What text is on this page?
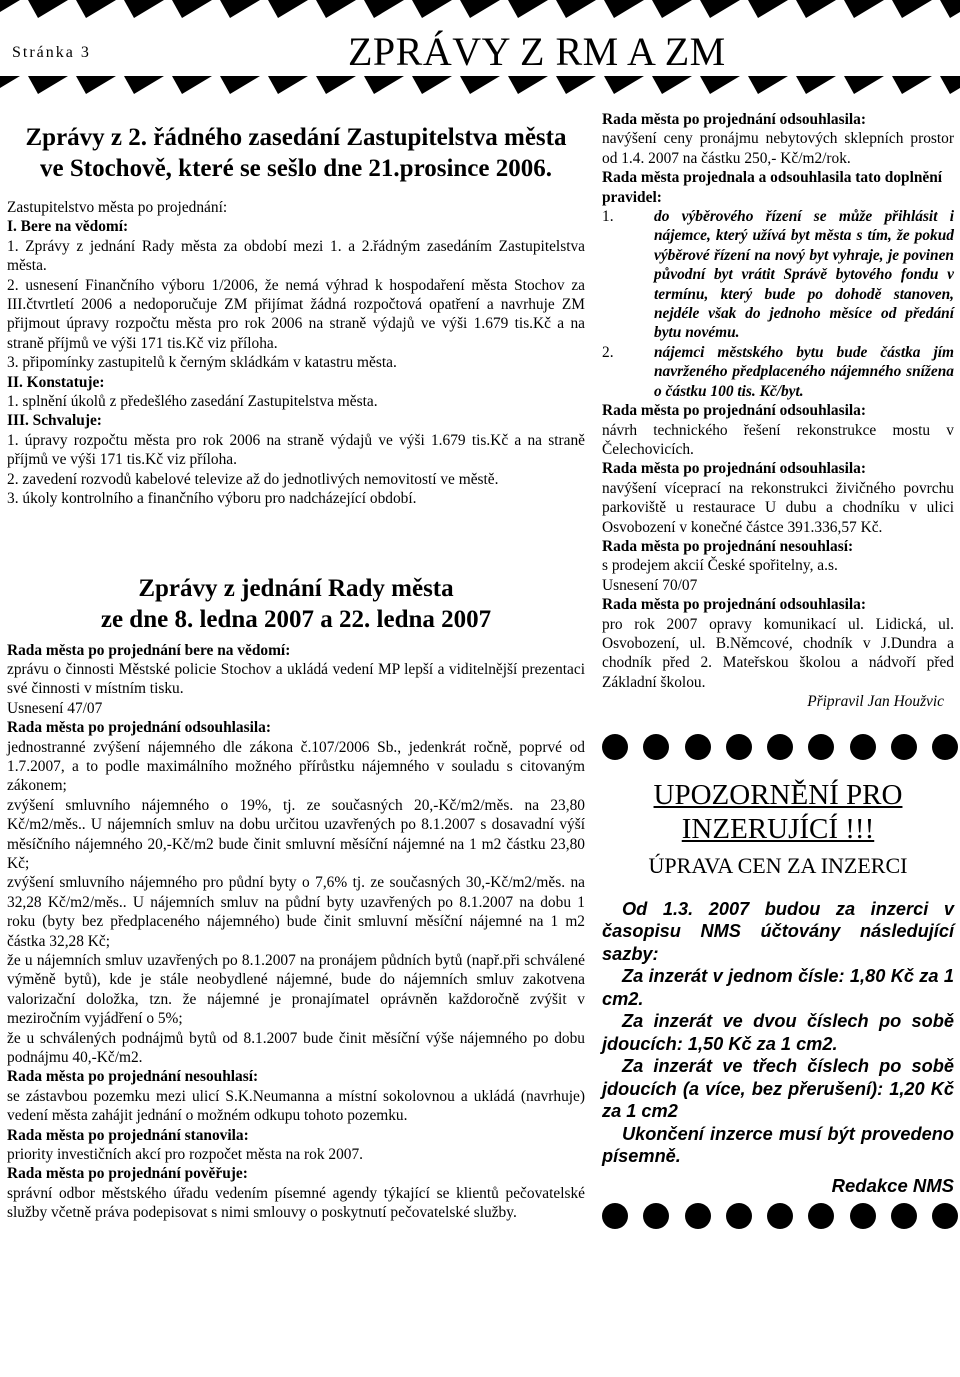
Stránka 3	ZPRÁVY Z RM A ZM
Zprávy z 2. řádného zasedání Zastupitelstva města
ve Stochově, které se sešlo dne 21.prosince 2006.

Zastupitelstvo města po projednání:

I. Bere na vědomí:

1. Zprávy z jednání Rady města za období mezi 1. a 2.řádným zasedáním Zastupitelstva města.

2. usnesení Finančního výboru 1/2006, že nemá výhrad k hospodaření města Stochov za III.čtvrtletí 2006 a nedoporučuje ZM přijímat žádná rozpočtová opatření a navrhuje ZM přijmout úpravy rozpočtu města pro rok 2006 na straně výdajů ve výši 1.679 tis.Kč a na straně příjmů ve výši 171 tis.Kč viz příloha.

3. připomínky zastupitelů k černým skládkám v katastru města.

II. Konstatuje:

1. splnění úkolů z předešlého zasedání Zastupitelstva města.

III. Schvaluje:

1. úpravy rozpočtu města pro rok 2006 na straně výdajů ve výši 1.679 tis.Kč a na straně příjmů ve výši 171 tis.Kč viz příloha.

2. zavedení rozvodů kabelové televize až do jednotlivých nemovitostí ve městě.

3. úkoly kontrolního a finančního výboru pro nadcházející období.

Zprávy z jednání Rady města
ze dne 8. ledna 2007 a 22. ledna 2007

Rada města po projednání bere na vědomí:

zprávu o činnosti Městské policie Stochov a ukládá vedení MP lepší a viditelnější prezentaci své činnosti v místním tisku.

Usnesení 47/07

Rada města po projednání odsouhlasila:

jednostranné zvýšení nájemného dle zákona č.107/2006 Sb., jedenkrát ročně, poprvé od 1.7.2007, a to podle maximálního možného přírůstku nájemného v souladu s citovaným zákonem;

zvýšení smluvního nájemného o 19%, tj. ze současných 20,-Kč/m2/měs. na 23,80 Kč/m2/měs.. U nájemních smluv na dobu určitou uzavřených po 8.1.2007 s dosavadní výší měsíčního nájemného 20,-Kč/m2 bude činit smluvní měsíční nájemné na 1 m2 částku 23,80 Kč;

zvýšení smluvního nájemného pro půdní byty o 7,6% tj. ze současných 30,-Kč/m2/měs. na 32,28 Kč/m2/měs.. U nájemních smluv na půdní byty uzavřených po 8.1.2007 na dobu 1 roku (byty bez předplaceného nájemného) bude činit smluvní měsíční nájemné na 1 m2 částka 32,28 Kč;

že u nájemních smluv uzavřených po 8.1.2007 na pronájem půdních bytů (např.při schválené výměně bytů), kde je stále neobydlené nájemné, bude do nájemních smluv zakotvena valorizační doložka, tzn. že nájemné je pronajímatel oprávněn každoročně zvýšit v meziročním vyjádření o 5%;

že u schválených podnájmů bytů od 8.1.2007 bude činit měsíční výše nájemného po dobu podnájmu 40,-Kč/m2.

Rada města po projednání nesouhlasí:

se zástavbou pozemku mezi ulicí S.K.Neumanna a místní sokolovnou a ukládá (navrhuje) vedení města zahájit jednání o možném odkupu tohoto pozemku.

Rada města po projednání stanovila:

priority investičních akcí pro rozpočet města na rok 2007.

Rada města po projednání pověřuje:

správní odbor městského úřadu vedením písemné agendy týkající se klientů pečovatelské služby včetně práva podepisovat s nimi smlouvy o poskytnutí pečovatelské služby.

Rada města po projednání odsouhlasila:

navýšení ceny pronájmu nebytových sklepních prostor od 1.4. 2007 na částku 250,- Kč/m2/rok.

Rada města projednala a odsouhlasila tato doplnění pravidel:

1.	do výběrového řízení se může přihlásit i nájemce, který užívá byt města s tím, že pokud výběrové řízení na nový byt vyhraje, je povinen původní byt vrátit Správě bytového fondu v termínu, který bude po dohodě stanoven, nejdéle však do jednoho měsíce od předání bytu novému.
2.	nájemci městského bytu bude částka jím navrženého předplaceného nájemného snížena o částku 100 tis. Kč/byt.

Rada města po projednání odsouhlasila:

návrh technického řešení rekonstrukce mostu v Čelechovicích.

Rada města po projednání odsouhlasila:

navýšení víceprací na rekonstrukci živičného povrchu parkoviště u restaurace U dubu a chodníku v ulici Osvobození v konečné částce 391.336,57 Kč.

Rada města po projednání nesouhlasí:

s prodejem akcií České spořitelny, a.s.

Usnesení 70/07

Rada města po projednání odsouhlasila:

pro rok 2007 opravy komunikací ul. Lidická, ul. Osvobození, ul. B.Němcové, chodník v J.Dundra a chodník před 2. Mateřskou školou a nádvoří před Základní školou.

Připravil Jan Houžvic

UPOZORNĚNÍ PRO
INZERUJÍCÍ !!!
ÚPRAVA CEN ZA INZERCI

Od 1.3. 2007 budou za inzerci v časopisu NMS účtovány následující sazby:

Za inzerát v jednom čísle: 1,80 Kč za 1 cm2.

Za inzerát ve dvou číslech po sobě jdoucích: 1,50 Kč za 1 cm2.

Za inzerát ve třech číslech po sobě jdoucích (a více, bez přerušení): 1,20 Kč za 1 cm2

Ukončení inzerce musí být provedeno písemně.

Redakce NMS
